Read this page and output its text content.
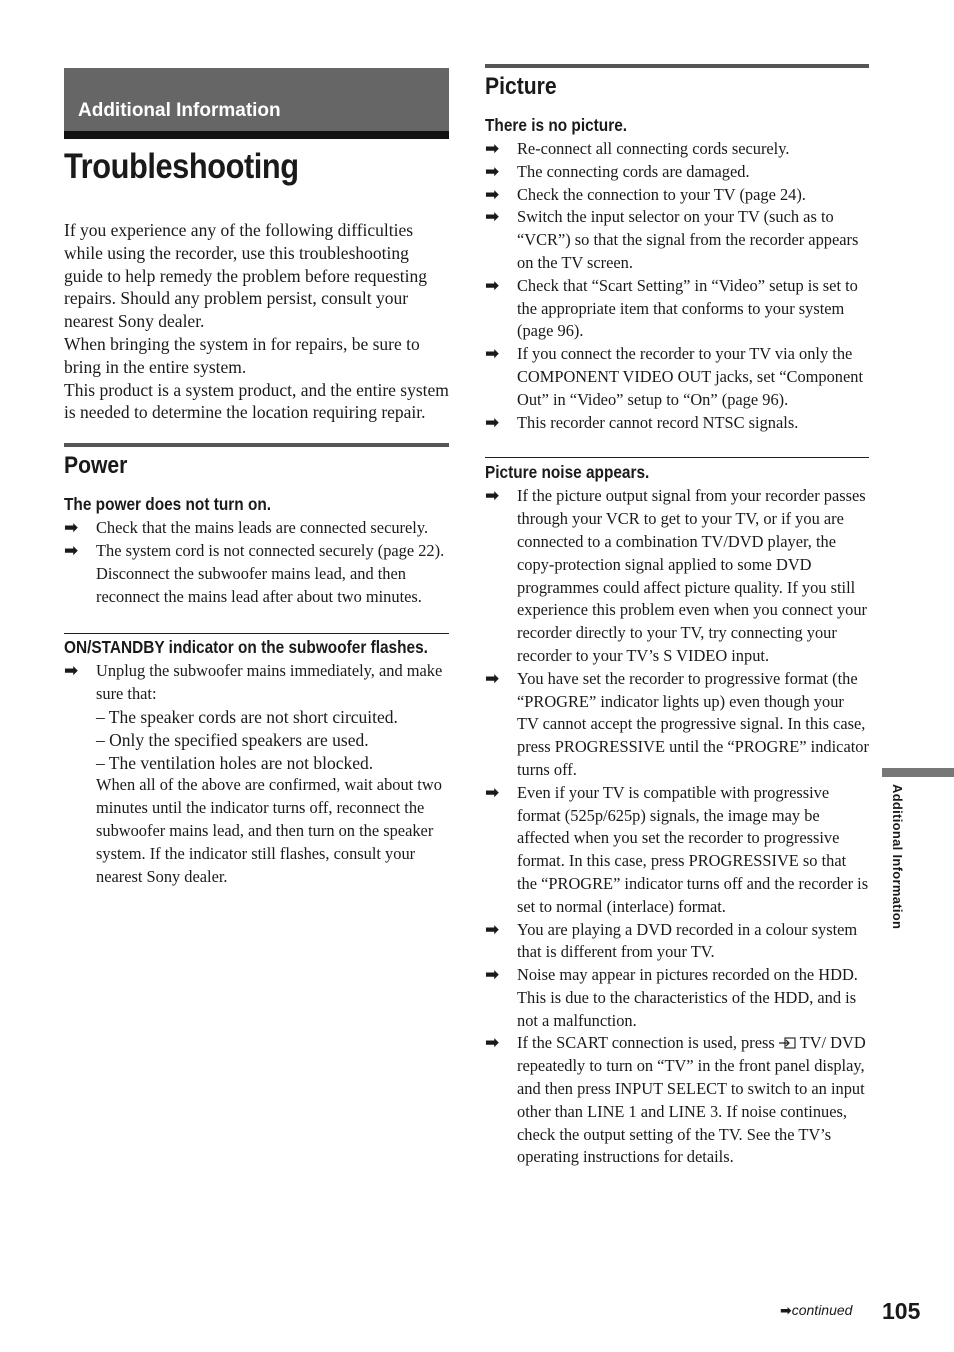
Additional Information
Troubleshooting

If you experience any of the following difficulties while using the recorder, use this troubleshooting guide to help remedy the problem before requesting repairs. Should any problem persist, consult your nearest Sony dealer.

When bringing the system in for repairs, be sure to bring in the entire system.

This product is a system product, and the entire system is needed to determine the location requiring repair.

Power
The power does not turn on.
➡ Check that the mains leads are connected securely.
➡ The system cord is not connected securely (page 22).
Disconnect the subwoofer mains lead, and then reconnect the mains lead after about two minutes.
ON/STANDBY indicator on the subwoofer flashes.
➡ Unplug the subwoofer mains immediately, and make sure that:
– The speaker cords are not short circuited.
– Only the specified speakers are used.
– The ventilation holes are not blocked.
When all of the above are confirmed, wait about two minutes until the indicator turns off, reconnect the subwoofer mains lead, and then turn on the speaker system. If the indicator still flashes, consult your nearest Sony dealer.
Picture
There is no picture.
➡ Re-connect all connecting cords securely.
➡ The connecting cords are damaged.
➡ Check the connection to your TV (page 24).
➡ Switch the input selector on your TV (such as to “VCR”) so that the signal from the recorder appears on the TV screen.
➡ Check that “Scart Setting” in “Video” setup is set to the appropriate item that conforms to your system (page 96).
➡ If you connect the recorder to your TV via only the COMPONENT VIDEO OUT jacks, set “Component Out” in “Video” setup to “On” (page 96).
➡ This recorder cannot record NTSC signals.
Picture noise appears.
➡ If the picture output signal from your recorder passes through your VCR to get to your TV, or if you are connected to a combination TV/DVD player, the copy-protection signal applied to some DVD programmes could affect picture quality. If you still experience this problem even when you connect your recorder directly to your TV, try connecting your recorder to your TV’s S VIDEO input.
➡ You have set the recorder to progressive format (the “PROGRE” indicator lights up) even though your TV cannot accept the progressive signal. In this case, press PROGRESSIVE until the “PROGRE” indicator turns off.
➡ Even if your TV is compatible with progressive format (525p/625p) signals, the image may be affected when you set the recorder to progressive format. In this case, press PROGRESSIVE so that the “PROGRE” indicator turns off and the recorder is set to normal (interlace) format.
➡ You are playing a DVD recorded in a colour system that is different from your TV.
➡ Noise may appear in pictures recorded on the HDD. This is due to the characteristics of the HDD, and is not a malfunction.
➡ If the SCART connection is used, press TV/ DVD repeatedly to turn on “TV” in the front panel display, and then press INPUT SELECT to switch to an input other than LINE 1 and LINE 3. If noise continues, check the output setting of the TV. See the TV’s operating instructions for details.
Additional Information
➡continued 105
